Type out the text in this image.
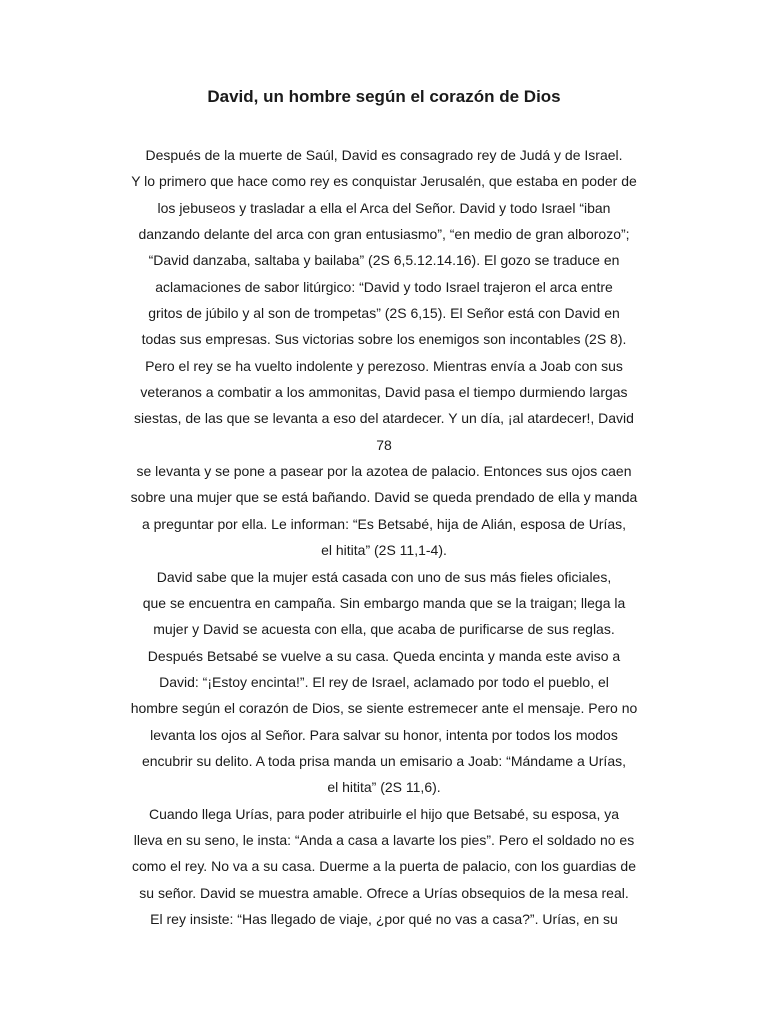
David, un hombre según el corazón de Dios
Después de la muerte de Saúl, David es consagrado rey de Judá y de Israel.
Y lo primero que hace como rey es conquistar Jerusalén, que estaba en poder de
los jebuseos y trasladar a ella el Arca del Señor. David y todo Israel “iban
danzando delante del arca con gran entusiasmo”, “en medio de gran alborozo”;
“David danzaba, saltaba y bailaba” (2S 6,5.12.14.16). El gozo se traduce en
aclamaciones de sabor litúrgico: “David y todo Israel trajeron el arca entre
gritos de júbilo y al son de trompetas” (2S 6,15). El Señor está con David en
todas sus empresas. Sus victorias sobre los enemigos son incontables (2S 8).
Pero el rey se ha vuelto indolente y perezoso. Mientras envía a Joab con sus
veteranos a combatir a los ammonitas, David pasa el tiempo durmiendo largas
siestas, de las que se levanta a eso del atardecer. Y un día, ¡al atardecer!, David
78
se levanta y se pone a pasear por la azotea de palacio. Entonces sus ojos caen
sobre una mujer que se está bañando. David se queda prendado de ella y manda
a preguntar por ella. Le informan: “Es Betsabé, hija de Alián, esposa de Urías,
el hitita” (2S 11,1-4).
David sabe que la mujer está casada con uno de sus más fieles oficiales,
que se encuentra en campaña. Sin embargo manda que se la traigan; llega la
mujer y David se acuesta con ella, que acaba de purificarse de sus reglas.
Después Betsabé se vuelve a su casa. Queda encinta y manda este aviso a
David: “¡Estoy encinta!”. El rey de Israel, aclamado por todo el pueblo, el
hombre según el corazón de Dios, se siente estremecer ante el mensaje. Pero no
levanta los ojos al Señor. Para salvar su honor, intenta por todos los modos
encubrir su delito. A toda prisa manda un emisario a Joab: “Mándame a Urías,
el hitita” (2S 11,6).
Cuando llega Urías, para poder atribuirle el hijo que Betsabé, su esposa, ya
lleva en su seno, le insta: “Anda a casa a lavarte los pies”. Pero el soldado no es
como el rey. No va a su casa. Duerme a la puerta de palacio, con los guardias de
su señor. David se muestra amable. Ofrece a Urías obsequios de la mesa real.
El rey insiste: “Has llegado de viaje, ¿por qué no vas a casa?”. Urías, en su
